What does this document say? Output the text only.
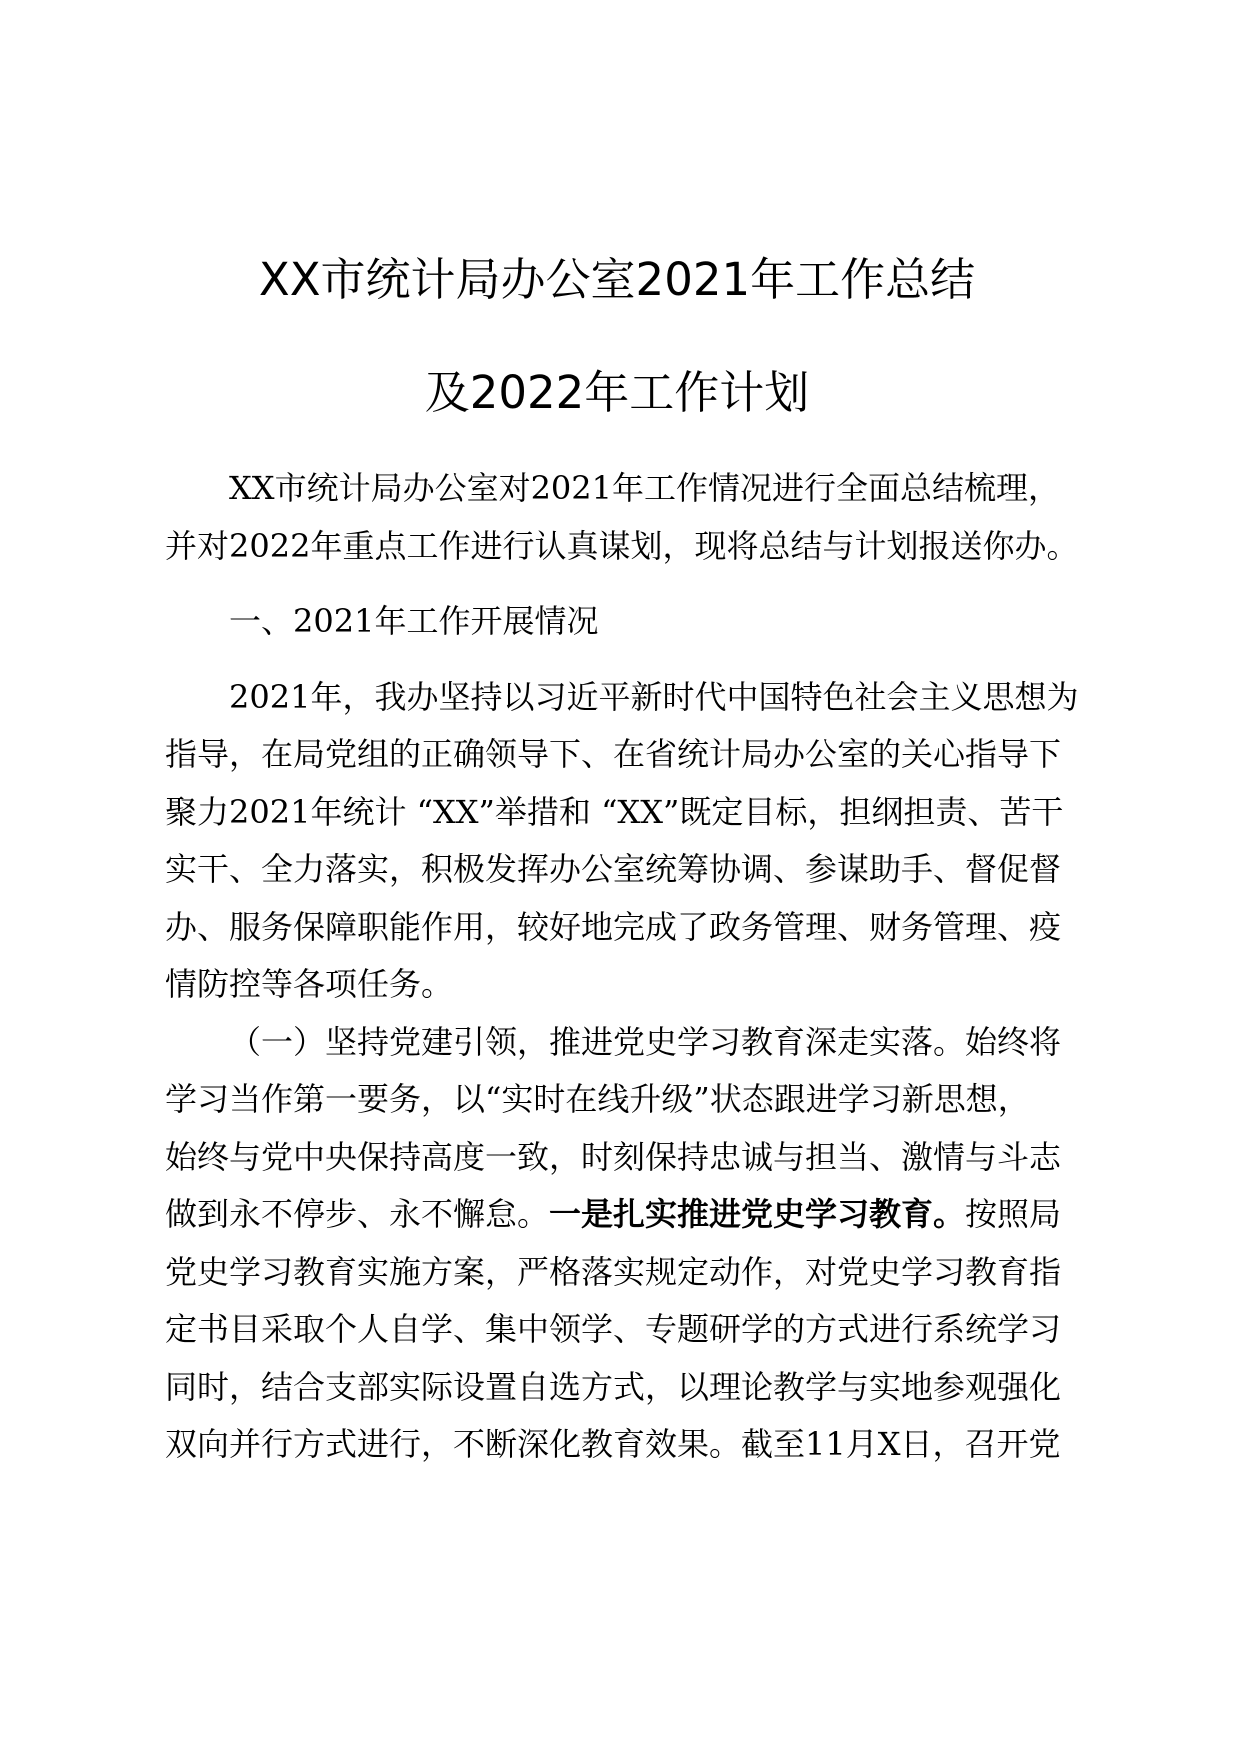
XX市统计局办公室2021年工作总结
及2022年工作计划
XX市统计局办公室对2021年工作情况进行全面总结梳理，
并对2022年重点工作进行认真谋划，现将总结与计划报送你办。
一、2021年工作开展情况
2021年，我办坚持以习近平新时代中国特色社会主义思想为
指导，在局党组的正确领导下、在省统计局办公室的关心指导下
聚力2021年统计 “XX”举措和 “XX”既定目标，担纲担责、苦干
实干、全力落实，积极发挥办公室统筹协调、参谋助手、督促督
办、服务保障职能作用，较好地完成了政务管理、财务管理、疫
情防控等各项任务。
（一）坚持党建引领，推进党史学习教育深走实落。始终将
学习当作第一要务，以“实时在线升级”状态跟进学习新思想，
始终与党中央保持高度一致，时刻保持忠诚与担当、激情与斗志
做到永不停步、永不懈怠。一是扎实推进党史学习教育。按照局
党史学习教育实施方案，严格落实规定动作，对党史学习教育指
定书目采取个人自学、集中领学、专题研学的方式进行系统学习
同时，结合支部实际设置自选方式，以理论教学与实地参观强化
双向并行方式进行，不断深化教育效果。截至11月X日，召开党
